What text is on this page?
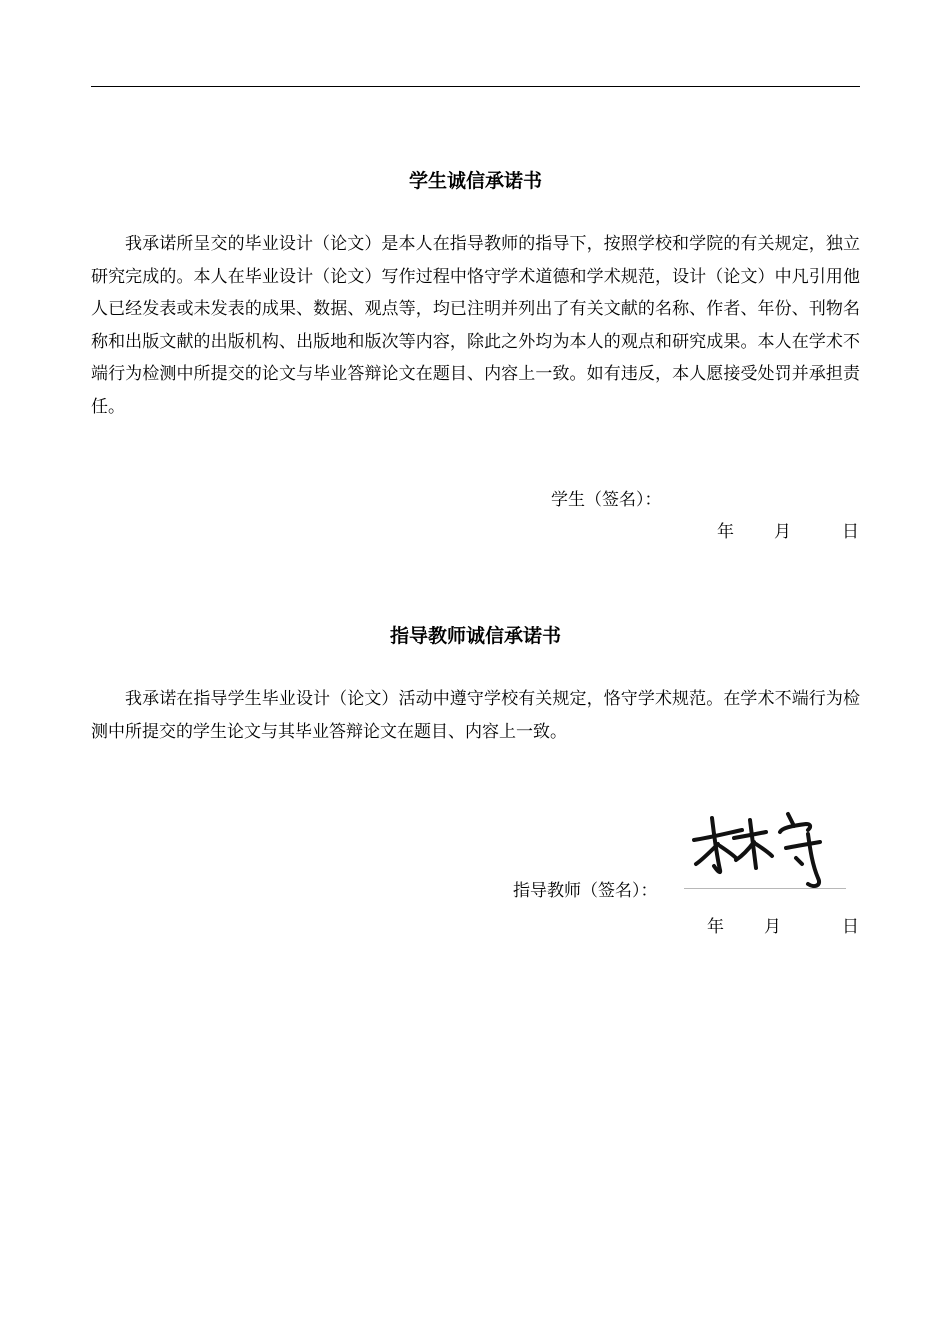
学生诚信承诺书
我承诺所呈交的毕业设计（论文）是本人在指导教师的指导下，按照学校和学院的有关规定，独立研究完成的。本人在毕业设计（论文）写作过程中恪守学术道德和学术规范，设计（论文）中凡引用他人已经发表或未发表的成果、数据、观点等，均已注明并列出了有关文献的名称、作者、年份、刊物名称和出版文献的出版机构、出版地和版次等内容，除此之外均为本人的观点和研究成果。本人在学术不端行为检测中所提交的论文与毕业答辩论文在题目、内容上一致。如有违反，本人愿接受处罚并承担责任。
学生（签名）：
年 月	日
指导教师诚信承诺书
我承诺在指导学生毕业设计（论文）活动中遵守学校有关规定，恪守学术规范。在学术不端行为检测中所提交的学生论文与其毕业答辩论文在题目、内容上一致。
指导教师（签名）：
年 月	日
